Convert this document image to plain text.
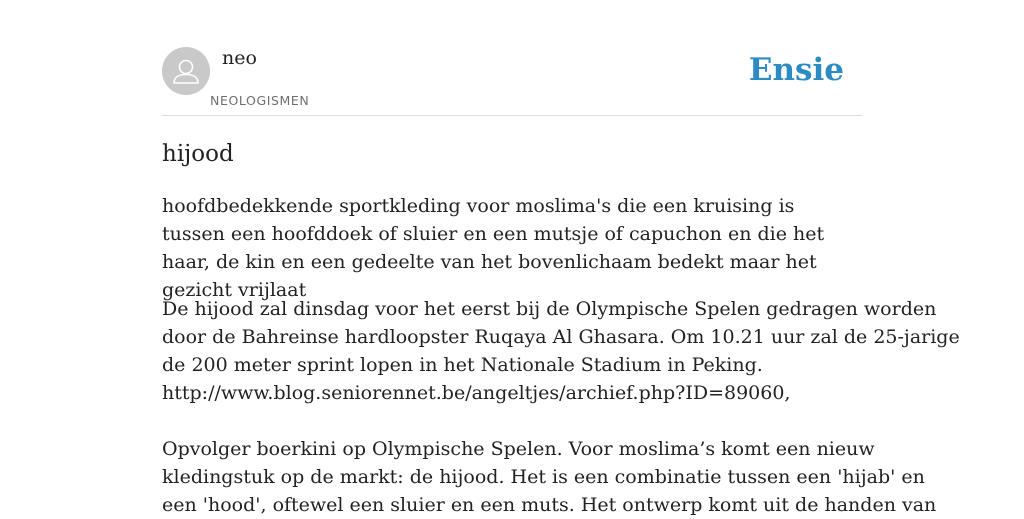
neo
NEOLOGISMEN
Ensie
hijood

hoofdbedekkende sportkleding voor moslima's die een kruising is tussen een hoofddoek of sluier en een mutsje of capuchon en die het haar, de kin en een gedeelte van het bovenlichaam bedekt maar het gezicht vrijlaat

De hijood zal dinsdag voor het eerst bij de Olympische Spelen gedragen worden
door de Bahreinse hardloopster Ruqaya Al Ghasara. Om 10.21 uur zal de 25-jarige
de 200 meter sprint lopen in het Nationale Stadium in Peking.
http://www.blog.seniorennet.be/angeltjes/archief.php?ID=89060,
Opvolger boerkini op Olympische Spelen. Voor moslima’s komt een nieuw
kledingstuk op de markt: de hijood. Het is een combinatie tussen een 'hijab' en
een 'hood', oftewel een sluier en een muts. Het ontwerp komt uit de handen van
